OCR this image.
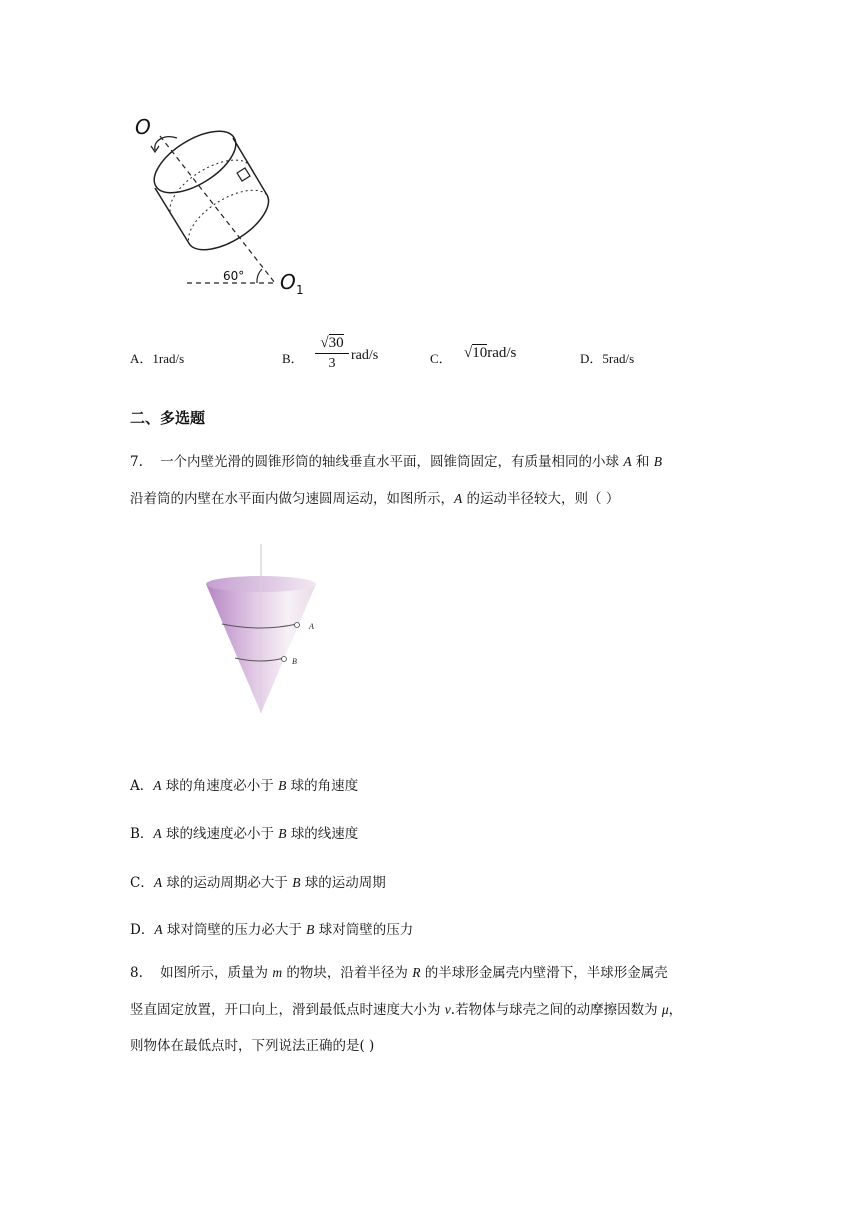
O
60° O 1
A．1rad/s	B．
√30
3
rad/s	C． √10rad/s	D．5rad/s
二、多选题
7. 一个内壁光滑的圆锥形筒的轴线垂直水平面，圆锥筒固定，有质量相同的小球 A 和 B
沿着筒的内壁在水平面内做匀速圆周运动，如图所示，A 的运动半径较大，则（ ）
A
B
A．A 球的角速度必小于 B 球的角速度
B．A 球的线速度必小于 B 球的线速度
C．A 球的运动周期必大于 B 球的运动周期
D．A 球对筒壁的压力必大于 B 球对筒壁的压力
8. 如图所示，质量为 m 的物块，沿着半径为 R 的半球形金属壳内壁滑下，半球形金属壳
竖直固定放置，开口向上，滑到最低点时速度大小为 v.若物体与球壳之间的动摩擦因数为 μ，
则物体在最低点时，下列说法正确的是( )
